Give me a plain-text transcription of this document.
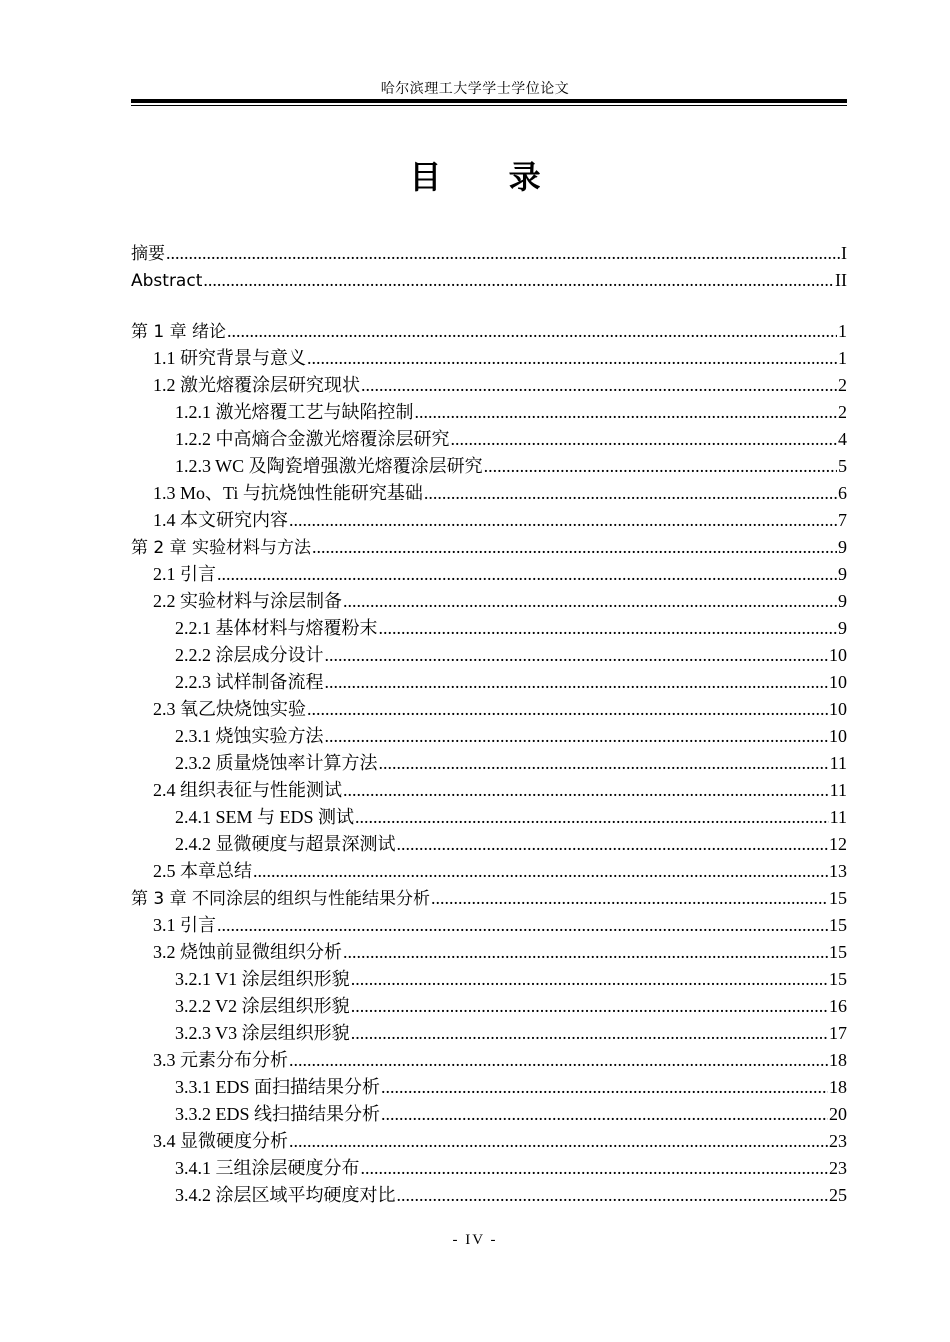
哈尔滨理工大学学士学位论文
目 录
摘要 .....	I
Abstract .....	II
第 1 章 绪论 .....	1
1.1 研究背景与意义 .....	1
1.2 激光熔覆涂层研究现状 .....	2
1.2.1 激光熔覆工艺与缺陷控制 .....	2
1.2.2 中高熵合金激光熔覆涂层研究 .....	4
1.2.3 WC 及陶瓷增强激光熔覆涂层研究 .....	5
1.3 Mo、Ti 与抗烧蚀性能研究基础 .....	6
1.4 本文研究内容 .....	7
第 2 章 实验材料与方法 .....	9
2.1 引言 .....	9
2.2 实验材料与涂层制备 .....	9
2.2.1 基体材料与熔覆粉末 .....	9
2.2.2 涂层成分设计 .....	10
2.2.3 试样制备流程 .....	10
2.3 氧乙炔烧蚀实验 .....	10
2.3.1 烧蚀实验方法 .....	10
2.3.2 质量烧蚀率计算方法 .....	11
2.4 组织表征与性能测试 .....	11
2.4.1 SEM 与 EDS 测试 .....	11
2.4.2 显微硬度与超景深测试 .....	12
2.5 本章总结 .....	13
第 3 章 不同涂层的组织与性能结果分析 .....	15
3.1 引言 .....	15
3.2 烧蚀前显微组织分析 .....	15
3.2.1 V1 涂层组织形貌 .....	15
3.2.2 V2 涂层组织形貌 .....	16
3.2.3 V3 涂层组织形貌 .....	17
3.3 元素分布分析 .....	18
3.3.1 EDS 面扫描结果分析 .....	18
3.3.2 EDS 线扫描结果分析 .....	20
3.4 显微硬度分析 .....	23
3.4.1 三组涂层硬度分布 .....	23
3.4.2 涂层区域平均硬度对比 .....	25
- IV -
